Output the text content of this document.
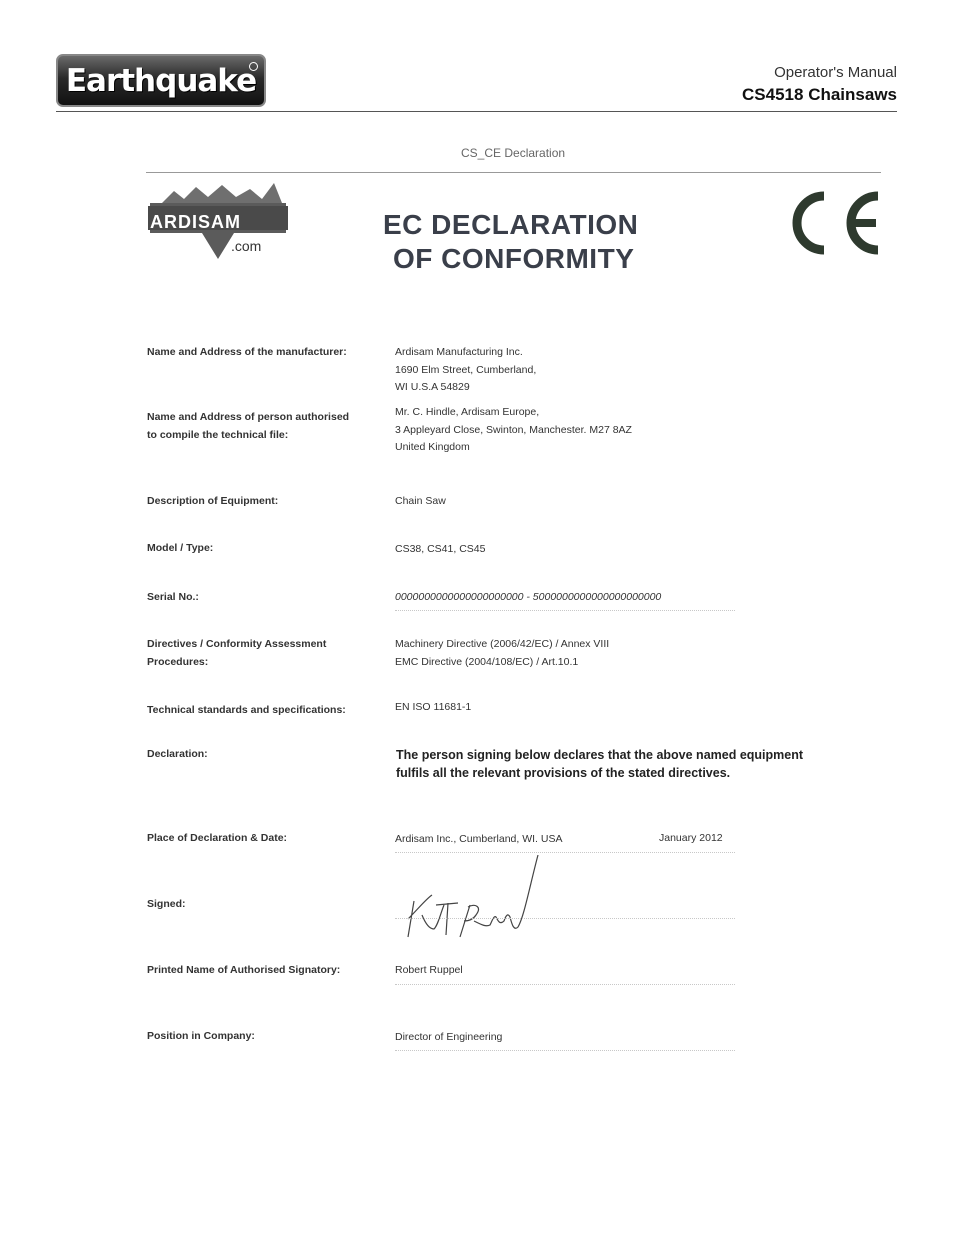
Earthquake	Operator's Manual
CS4518 Chainsaws
CS_CE Declaration
ARDISAM
.com
EC DECLARATION
OF CONFORMITY
Name and Address of the manufacturer:	Ardisam Manufacturing Inc.
1690 Elm Street, Cumberland,
WI U.S.A 54829
Name and Address of person authorised
to compile the technical file:
Mr. C. Hindle, Ardisam Europe,
3 Appleyard Close, Swinton, Manchester. M27 8AZ
United Kingdom
Description of Equipment:	Chain Saw
Model / Type:	CS38, CS41, CS45
Serial No.:	0000000000000000000000 - 5000000000000000000000
Directives / Conformity Assessment
Procedures:
Machinery Directive (2006/42/EC) / Annex VIII
EMC Directive (2004/108/EC) / Art.10.1
Technical standards and specifications:	EN ISO 11681-1
Declaration:	The person signing below declares that the above named equipment
fulfils all the relevant provisions of the stated directives.
Place of Declaration & Date:	Ardisam Inc., Cumberland, WI. USA	January 2012
Signed:
Printed Name of Authorised Signatory:	Robert Ruppel
Position in Company:	Director of Engineering
